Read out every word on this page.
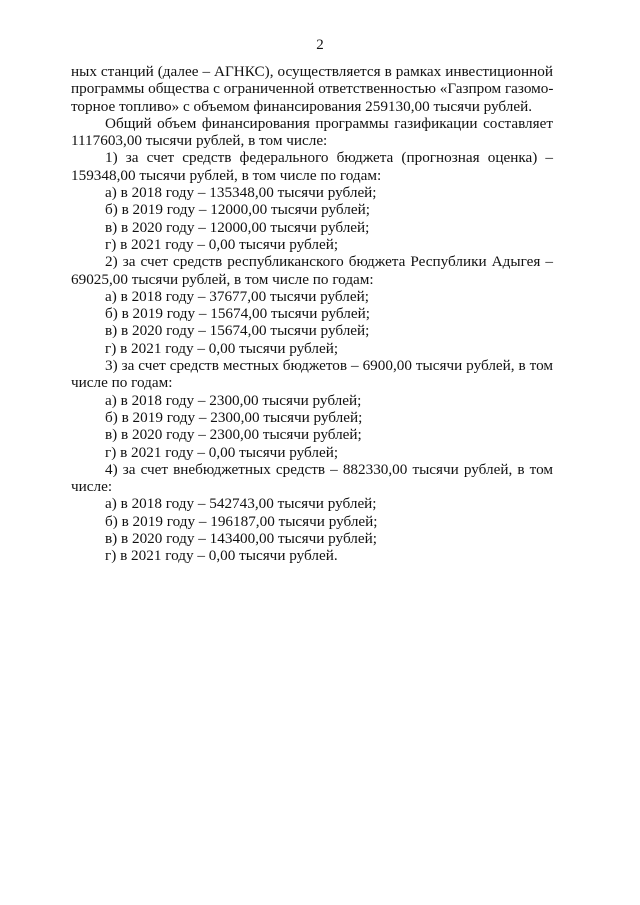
2
ных станций (далее – АГНКС), осуществляется в рамках инвестиционной
программы общества с ограниченной ответственностью «Газпром газомо-
торное топливо» с объемом финансирования 259130,00 тысячи рублей.
Общий объем финансирования программы газификации составляет
1117603,00 тысячи рублей, в том числе:
1) за счет средств федерального бюджета (прогнозная оценка) –
159348,00 тысячи рублей, в том числе по годам:
а) в 2018 году – 135348,00 тысячи рублей;
б) в 2019 году – 12000,00 тысячи рублей;
в) в 2020 году – 12000,00 тысячи рублей;
г) в 2021 году – 0,00 тысячи рублей;
2) за счет средств республиканского бюджета Республики Адыгея –
69025,00 тысячи рублей, в том числе по годам:
а) в 2018 году – 37677,00 тысячи рублей;
б) в 2019 году – 15674,00 тысячи рублей;
в) в 2020 году – 15674,00 тысячи рублей;
г) в 2021 году – 0,00 тысячи рублей;
3) за счет средств местных бюджетов – 6900,00 тысячи рублей, в том
числе по годам:
а) в 2018 году – 2300,00 тысячи рублей;
б) в 2019 году – 2300,00 тысячи рублей;
в) в 2020 году – 2300,00 тысячи рублей;
г) в 2021 году – 0,00 тысячи рублей;
4) за счет внебюджетных средств – 882330,00 тысячи рублей, в том
числе:
а) в 2018 году – 542743,00 тысячи рублей;
б) в 2019 году – 196187,00 тысячи рублей;
в) в 2020 году – 143400,00 тысячи рублей;
г) в 2021 году – 0,00 тысячи рублей.
